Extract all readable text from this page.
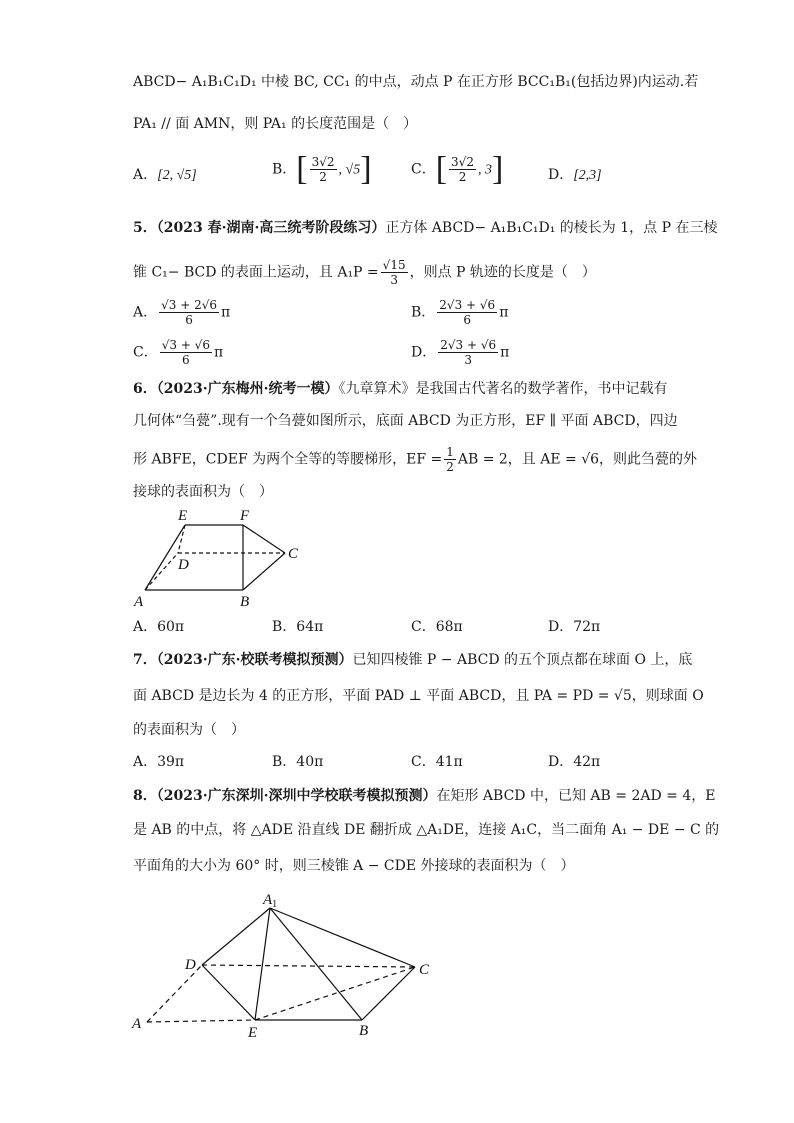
ABCD− A₁B₁C₁D₁ 中棱 BC, CC₁ 的中点，动点 P 在正方形 BCC₁B₁(包括边界)内运动.若
PA₁ // 面 AMN，则 PA₁ 的长度范围是（　）
A．[2, √5]	B．[ $\frac{3√2}{2}$ , √5]	C．[ $\frac{3√2}{2}$ , 3]	D．[2,3]
5．（2023 春·湖南·高三统考阶段练习）正方体 ABCD− A₁B₁C₁D₁ 的棱长为 1，点 P 在三棱
锥 C₁− BCD 的表面上运动，且 $A_1P = \frac{√15}{3}$ ，则点 P 轨迹的长度是（　）
A． $\frac{√3 + 2√6}{6}$ π	B． $\frac{2√3 + √6}{6}$ π
C． $\frac{√3 + √6}{6}$ π	D． $\frac{2√3 + √6}{3}$ π
6．（2023·广东梅州·统考一模）《九章算术》是我国古代著名的数学著作，书中记载有
几何体“刍甍”.现有一个刍甍如图所示，底面 ABCD 为正方形，EF ∥ 平面 ABCD，四边
形 ABFE，CDEF 为两个全等的等腰梯形，EF = $\frac{1}{2}$ AB = 2，且 AE = √6，则此刍甍的外
接球的表面积为（　）
E	F
D
C
A	B
A．60π	B．64π	C．68π	D．72π
7．（2023·广东·校联考模拟预测）已知四棱锥 P − ABCD 的五个顶点都在球面 O 上，底
面 ABCD 是边长为 4 的正方形，平面 PAD ⊥ 平面 ABCD，且 PA = PD = √5，则球面 O
的表面积为（　）
A．39π	B．40π	C．41π	D．42π
8．（2023·广东深圳·深圳中学校联考模拟预测）在矩形 ABCD 中，已知 AB = 2AD = 4，E
是 AB 的中点，将 △ADE 沿直线 DE 翻折成 △A₁DE，连接 A₁C，当二面角 A₁ − DE − C 的
平面角的大小为 60° 时，则三棱锥 A − CDE 外接球的表面积为（　）
$A_1$
D	C
A
E	B
